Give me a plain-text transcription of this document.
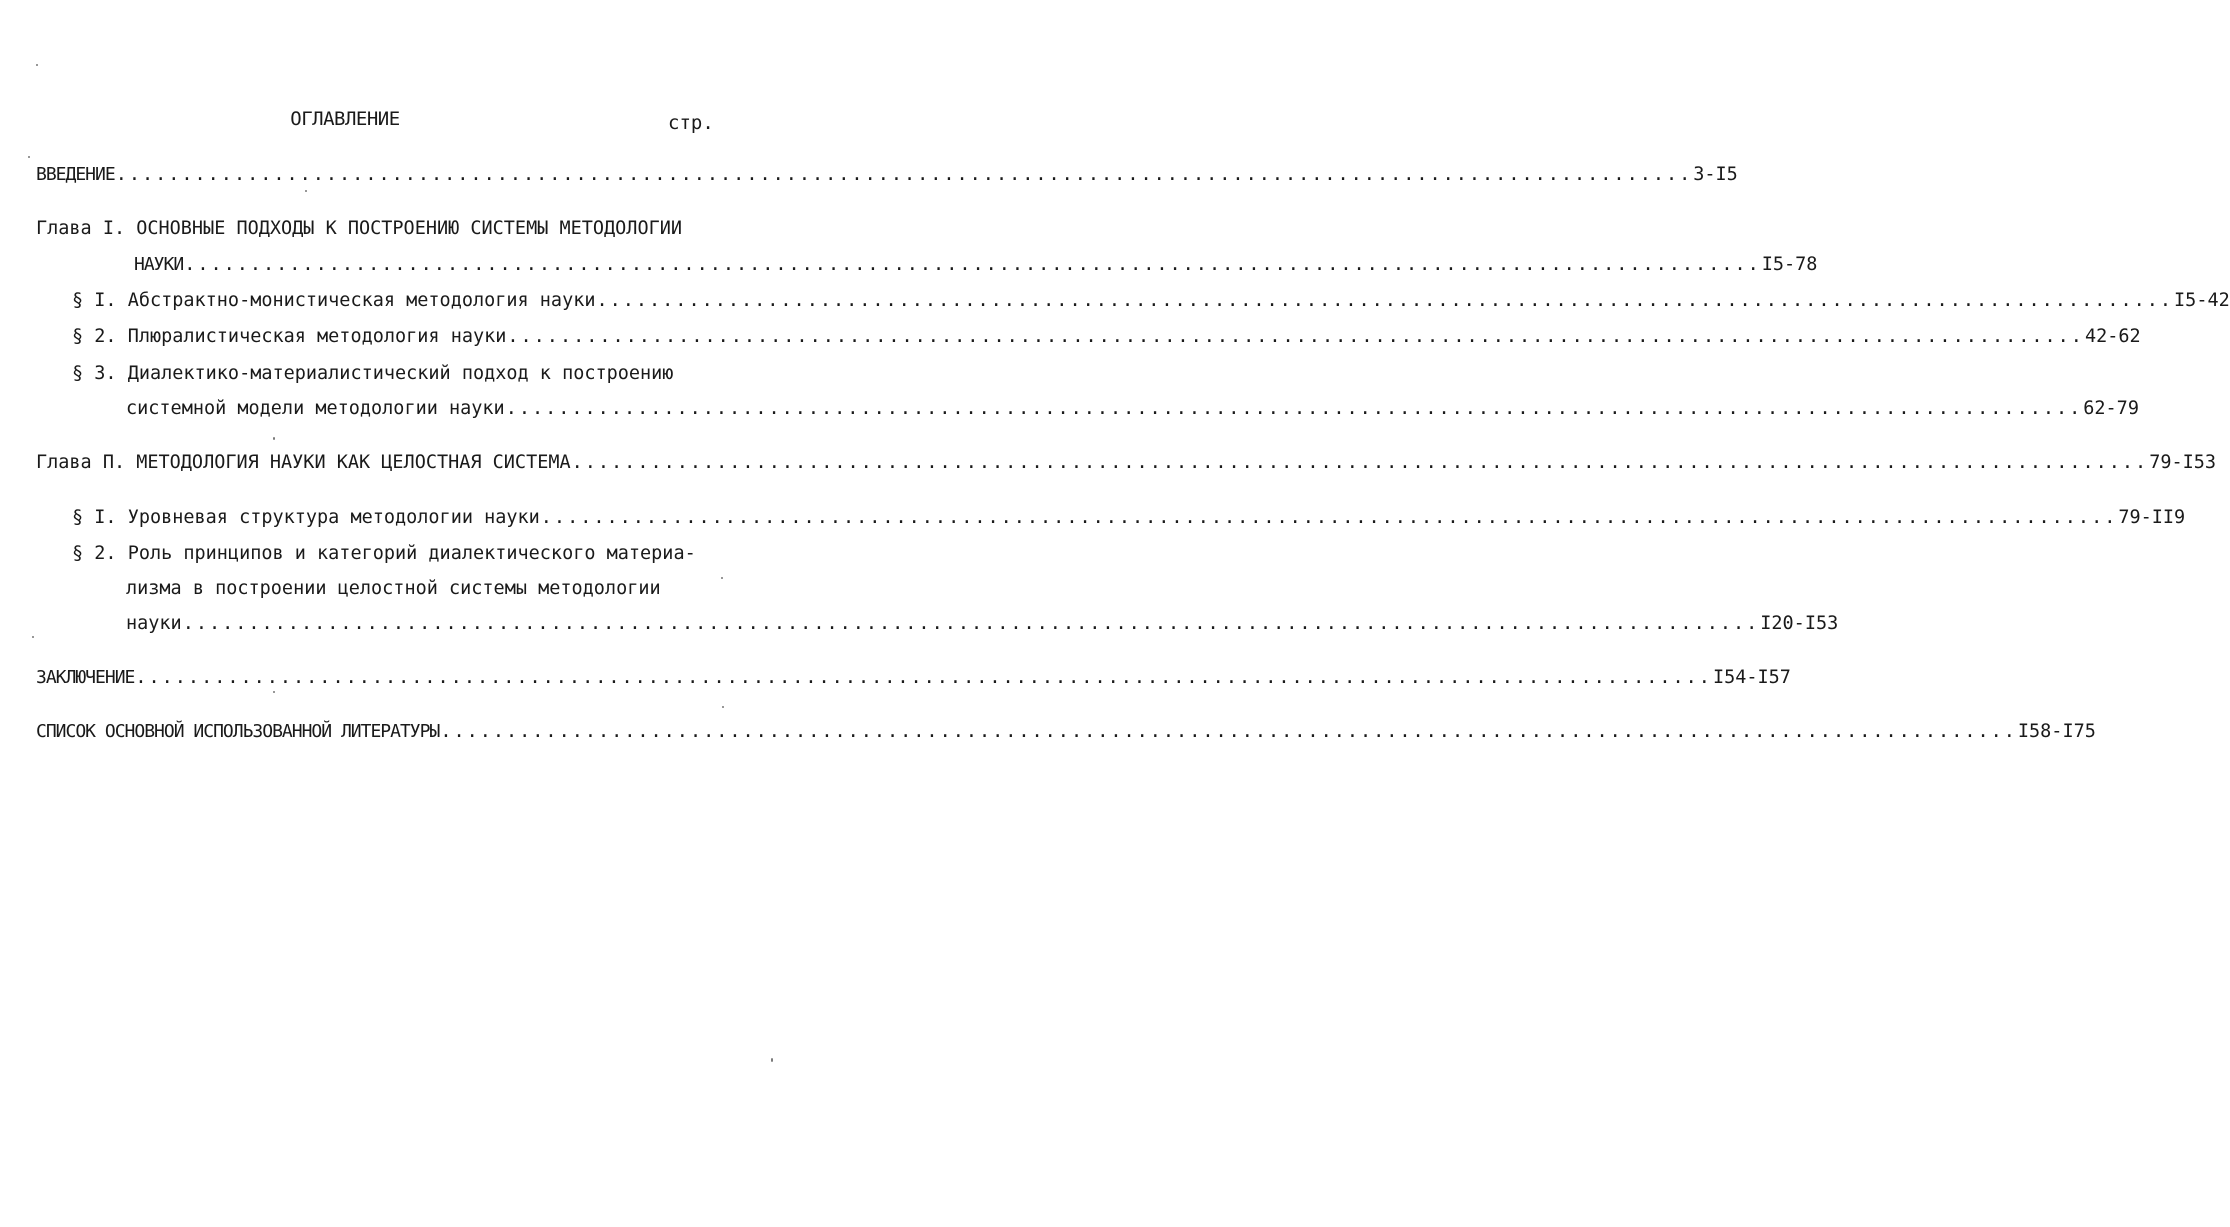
ОГЛАВЛЕНИЕ	стр.
ВВЕДЕНИЕ ........................................................................................................................ 3-I5
Глава I. ОСНОВНЫЕ ПОДХОДЫ К ПОСТРОЕНИЮ СИСТЕМЫ МЕТОДОЛОГИИ
НАУКИ ........................................................................................................................ I5-78
§ I. Абстрактно-монистическая методология науки ........................................................................................................................ I5-42
§ 2. Плюралистическая методология науки ........................................................................................................................ 42-62
§ 3. Диалектико-материалистический подход к построению
системной модели методологии науки ........................................................................................................................ 62-79
Глава П. МЕТОДОЛОГИЯ НАУКИ КАК ЦЕЛОСТНАЯ СИСТЕМА ........................................................................................................................ 79-I53
§ I. Уровневая структура методологии науки ........................................................................................................................ 79-II9
§ 2. Роль принципов и категорий диалектического материа-
лизма в построении целостной системы методологии
науки ........................................................................................................................ I20-I53
ЗАКЛЮЧЕНИЕ ........................................................................................................................ I54-I57
СПИСОК ОСНОВНОЙ ИСПОЛЬЗОВАННОЙ ЛИТЕРАТУРЫ ........................................................................................................................ I58-I75
